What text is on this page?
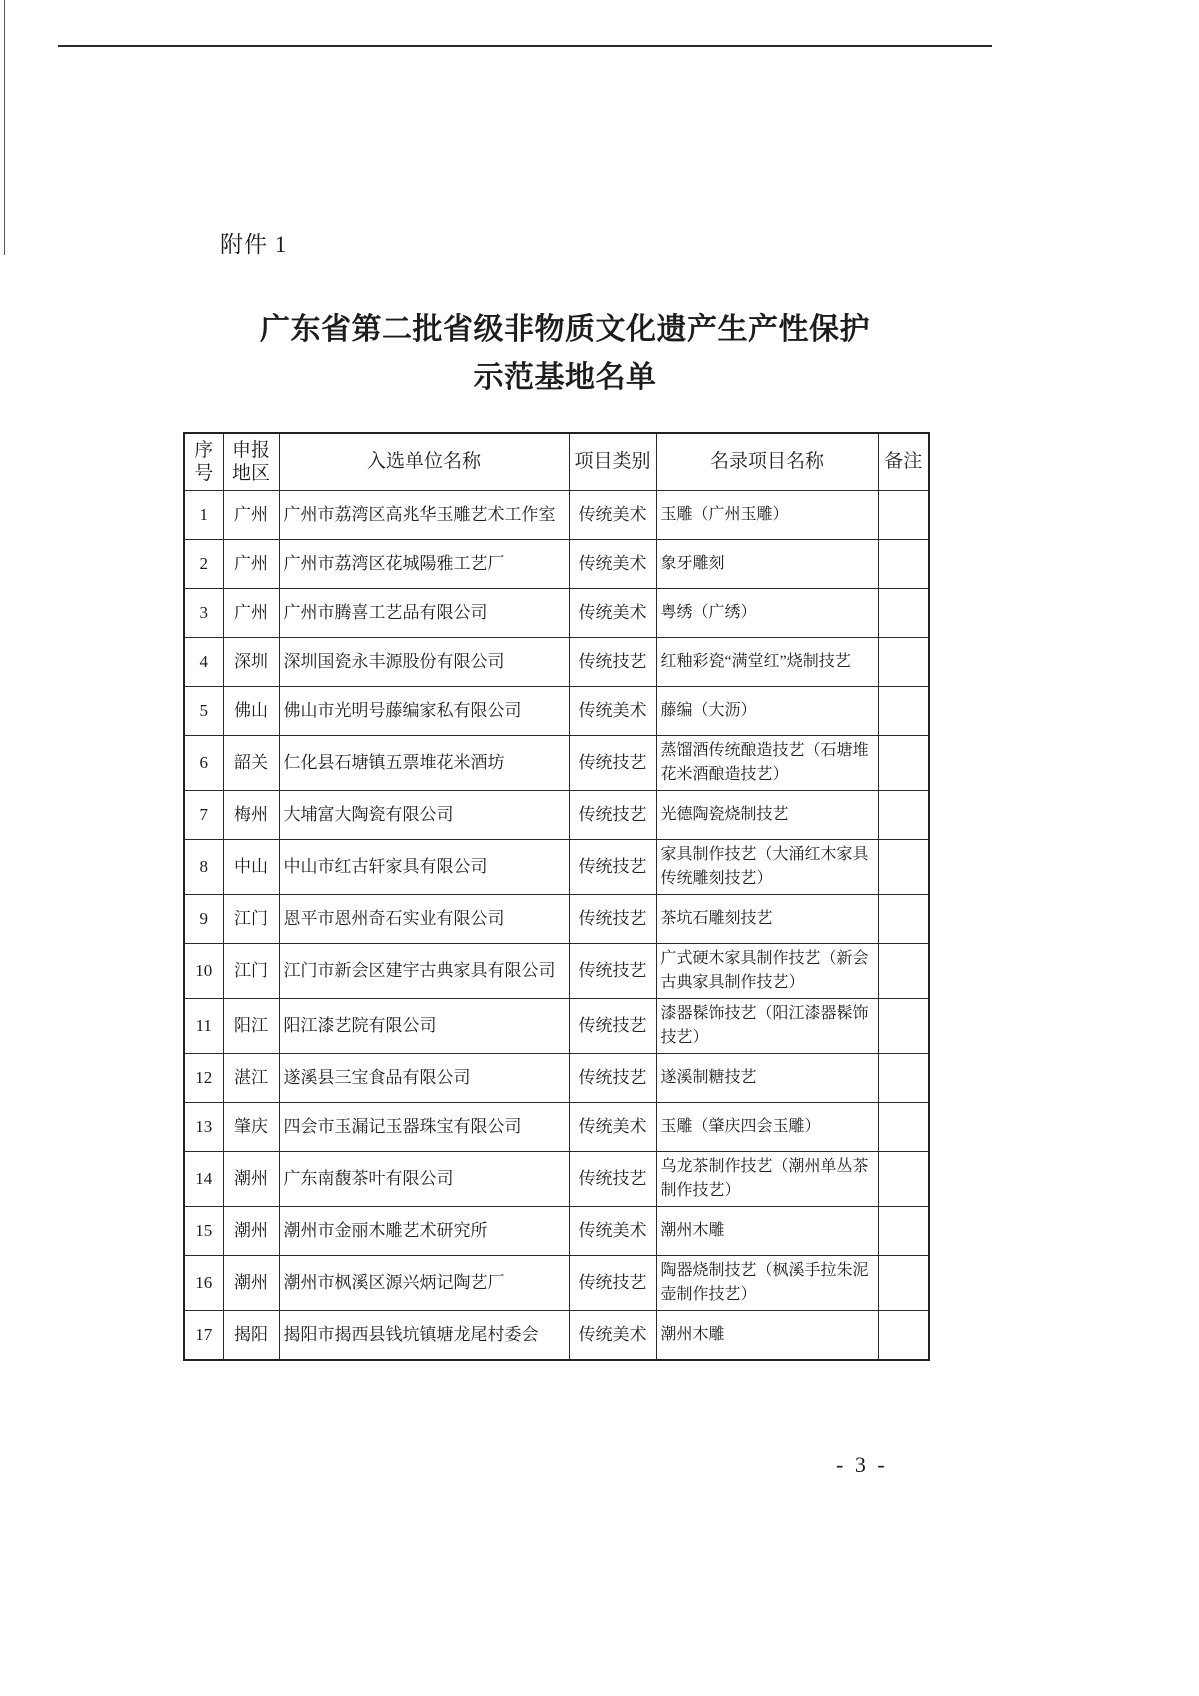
附件 1
广东省第二批省级非物质文化遗产生产性保护
示范基地名单
序号	申报地区	入选单位名称	项目类别	名录项目名称	备注
1	广州	广州市荔湾区高兆华玉雕艺术工作室	传统美术	玉雕（广州玉雕）	
2	广州	广州市荔湾区花城陽雅工艺厂	传统美术	象牙雕刻	
3	广州	广州市腾喜工艺品有限公司	传统美术	粤绣（广绣）	
4	深圳	深圳国瓷永丰源股份有限公司	传统技艺	红釉彩瓷“满堂红”烧制技艺	
5	佛山	佛山市光明号藤编家私有限公司	传统美术	藤编（大沥）	
6	韶关	仁化县石塘镇五票堆花米酒坊	传统技艺	蒸馏酒传统酿造技艺（石塘堆花米酒酿造技艺）	
7	梅州	大埔富大陶瓷有限公司	传统技艺	光德陶瓷烧制技艺	
8	中山	中山市红古轩家具有限公司	传统技艺	家具制作技艺（大涌红木家具传统雕刻技艺）	
9	江门	恩平市恩州奇石实业有限公司	传统技艺	茶坑石雕刻技艺	
10	江门	江门市新会区建宇古典家具有限公司	传统技艺	广式硬木家具制作技艺（新会古典家具制作技艺）	
11	阳江	阳江漆艺院有限公司	传统技艺	漆器髹饰技艺（阳江漆器髹饰技艺）	
12	湛江	遂溪县三宝食品有限公司	传统技艺	遂溪制糖技艺	
13	肇庆	四会市玉漏记玉器珠宝有限公司	传统美术	玉雕（肇庆四会玉雕）	
14	潮州	广东南馥茶叶有限公司	传统技艺	乌龙茶制作技艺（潮州单丛茶制作技艺）	
15	潮州	潮州市金丽木雕艺术研究所	传统美术	潮州木雕	
16	潮州	潮州市枫溪区源兴炳记陶艺厂	传统技艺	陶器烧制技艺（枫溪手拉朱泥壶制作技艺）	
17	揭阳	揭阳市揭西县钱坑镇塘龙尾村委会	传统美术	潮州木雕	
- 3 -
